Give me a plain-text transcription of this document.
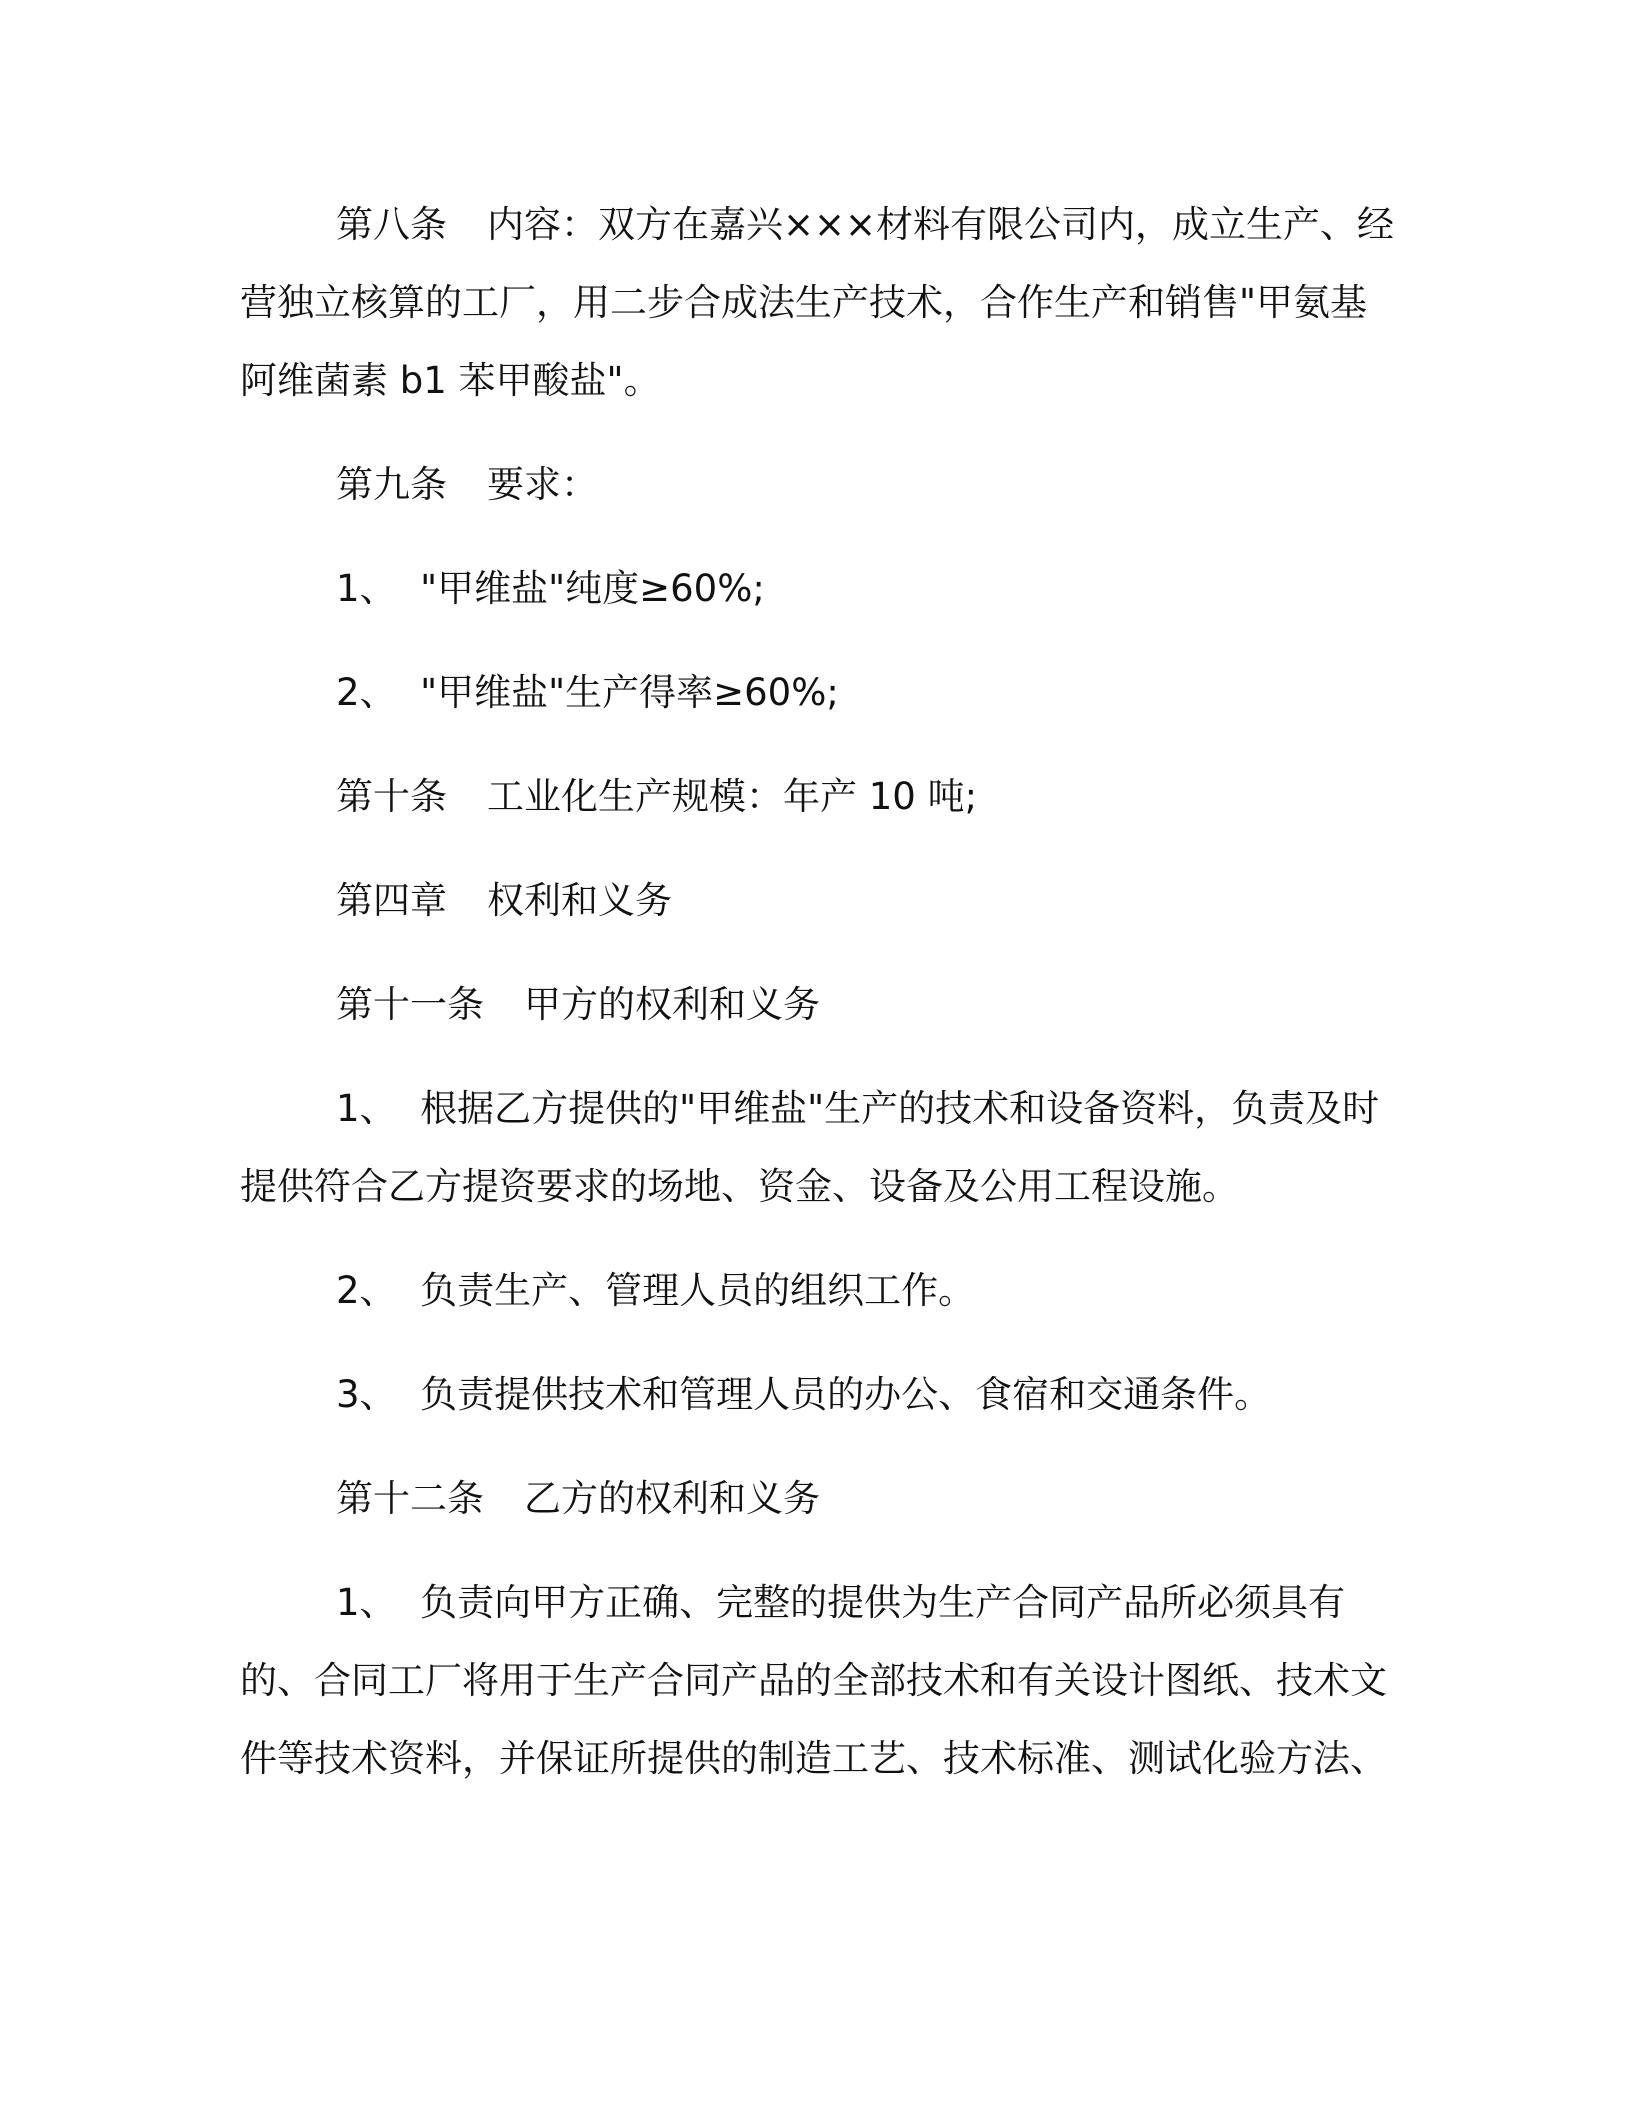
第八条 内容：双方在嘉兴×××材料有限公司内，成立生产、经营独立核算的工厂，用二步合成法生产技术，合作生产和销售"甲氨基阿维菌素 b1 苯甲酸盐"。

第九条 要求：

1、 "甲维盐"纯度≥60%;

2、 "甲维盐"生产得率≥60%;

第十条 工业化生产规模：年产 10 吨;

第四章 权利和义务

第十一条 甲方的权利和义务

1、 根据乙方提供的"甲维盐"生产的技术和设备资料，负责及时提供符合乙方提资要求的场地、资金、设备及公用工程设施。

2、 负责生产、管理人员的组织工作。

3、 负责提供技术和管理人员的办公、食宿和交通条件。

第十二条 乙方的权利和义务

1、 负责向甲方正确、完整的提供为生产合同产品所必须具有的、合同工厂将用于生产合同产品的全部技术和有关设计图纸、技术文件等技术资料，并保证所提供的制造工艺、技术标准、测试化验方法、
